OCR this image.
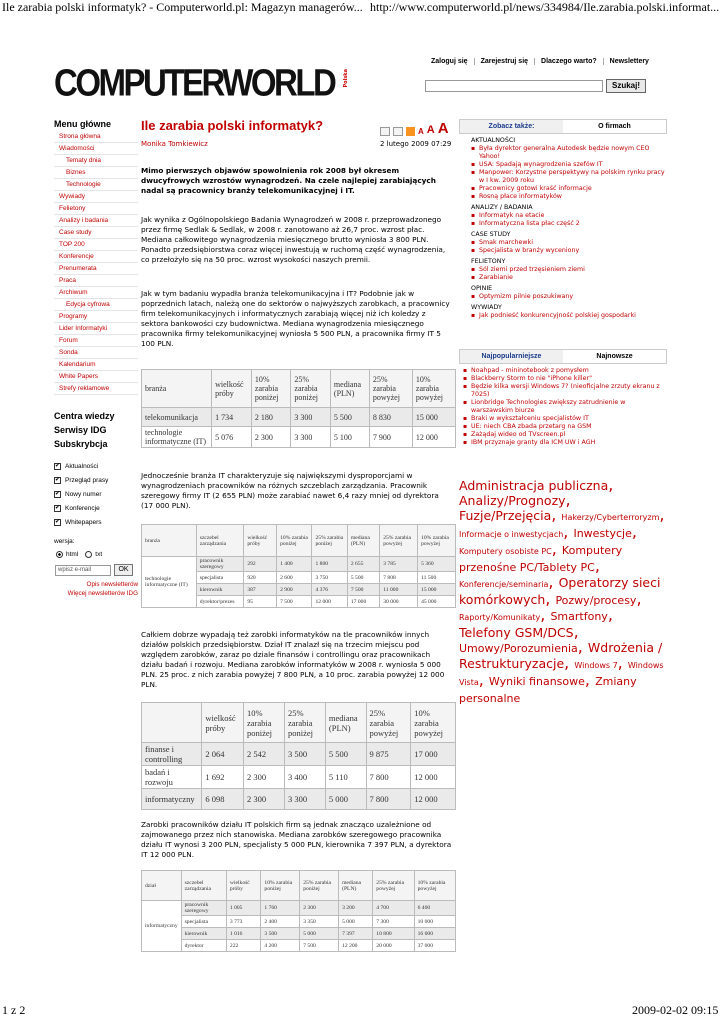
Ile zarabia polski informatyk? - Computerworld.pl: Magazyn managerów... http://www.computerworld.pl/news/334984/Ile.zarabia.polski.informat...
Zaloguj się	Zarejestruj się	Dlaczego warto?	Newslettery
COMPUTERWORLD	Polska	Szukaj!
Menu główne
Strona główna
Wiadomości
Tematy dnia
Biznes
Technologie
Wywiady
Felietony
Analizy i badania
Case study
TOP 200
Konferencje
Prenumerata
Praca
Archiwum
Edycja cyfrowa
Programy
Lider Informatyki
Forum
Sonda
Kalendarium
White Papers
Strefy reklamowe
Centra wiedzy
Serwisy IDG
Subskrybcja
✔
Aktualności
✔
Przegląd prasy
✔
Nowy numer
✔
Konferencje
✔
Whitepapers
wersja:
html	txt
wpisz e-mail	OK
Opis newsletterów
Więcej newsletterów IDG
Ile zarabia polski informatyk?	A A A
Monika Tomkiewicz	2 lutego 2009 07:29
Mimo pierwszych objawów spowolnienia rok 2008 był okresem dwucyfrowych wzrostów wynagrodzeń. Na czele najlepiej zarabiających nadal są pracownicy branży telekomunikacyjnej i IT.
Jak wynika z Ogólnopolskiego Badania Wynagrodzeń w 2008 r. przeprowadzonego przez firmę Sedlak & Sedlak, w 2008 r. zanotowano aż 26,7 proc. wzrost płac. Mediana całkowitego wynagrodzenia miesięcznego brutto wyniosła 3 800 PLN. Ponadto przedsiębiorstwa coraz więcej inwestują w ruchomą część wynagrodzenia, co przełożyło się na 50 proc. wzrost wysokości naszych premii.
Jak w tym badaniu wypadła branża telekomunikacyjna i IT? Podobnie jak w poprzednich latach, należą one do sektorów o najwyższych zarobkach, a pracownicy firm telekomunikacyjnych i informatycznych zarabiają więcej niż ich koledzy z sektora bankowości czy budownictwa. Mediana wynagrodzenia miesięcznego pracownika firmy telekomunikacyjnej wyniosła 5 500 PLN, a pracownika firmy IT 5 100 PLN.
branża	wielkość próby	10% zarabia poniżej	25% zarabia poniżej	mediana (PLN)	25% zarabia powyżej	10% zarabia powyżej
telekomunikacja	1 734	2 180	3 300	5 500	8 830	15 000
technologie informatyczne (IT)	5 076	2 300	3 300	5 100	7 900	12 000
Jednocześnie branża IT charakteryzuje się największymi dysproporcjami w wynagrodzeniach pracowników na różnych szczeblach zarządzania. Pracownik szeregowy firmy IT (2 655 PLN) może zarabiać nawet 6,4 razy mniej od dyrektora (17 000 PLN).
branża	szczebel zarządzania	wielkość próby	10% zarabia poniżej	25% zarabia poniżej	mediana (PLN)	25% zarabia powyżej	10% zarabia powyżej
technologie informatyczne (IT)	pracownik szeregowy	292	1 400	1 800	2 655	3 785	5 360
	specjalista	920	2 600	3 750	5 500	7 808	11 500
	kierownik	387	2 900	4 376	7 500	11 000	15 000
	dyrektor/prezes	95	7 500	12 000	17 000	30 000	45 000
Całkiem dobrze wypadają też zarobki informatyków na tle pracowników innych działów polskich przedsiębiorstw. Dział IT znalazł się na trzecim miejscu pod względem zarobków, zaraz po dziale finansów i controllingu oraz pracownikach działu badań i rozwoju. Mediana zarobków informatyków w 2008 r. wyniosła 5 000 PLN. 25 proc. z nich zarabia powyżej 7 800 PLN, a 10 proc. zarabia powyżej 12 000 PLN.
	wielkość próby	10% zarabia poniżej	25% zarabia poniżej	mediana (PLN)	25% zarabia powyżej	10% zarabia powyżej
finanse i controlling	2 064	2 542	3 500	5 500	9 875	17 000
badań i rozwoju	1 692	2 300	3 400	5 110	7 800	12 000
informatyczny	6 098	2 300	3 300	5 000	7 800	12 000
Zarobki pracowników działu IT polskich firm są jednak znacząco uzależnione od zajmowanego przez nich stanowiska. Mediana zarobków szeregowego pracownika działu IT wynosi 3 200 PLN, specjalisty 5 000 PLN, kierownika 7 397 PLN, a dyrektora IT 12 000 PLN.
dział	szczebel zarządzania	wielkość próby	10% zarabia poniżej	25% zarabia poniżej	mediana (PLN)	25% zarabia powyżej	10% zarabia powyżej
informatyczny	pracownik szeregowy	1 005	1 760	2 300	3 200	4 700	6 400
	specjalista	3 773	2 400	3 350	5 000	7 300	10 000
	kierownik	1 016	3 500	5 000	7 397	10 800	16 000
	dyrektor	222	4 200	7 500	12 200	20 000	37 000
Zobacz także:	O firmach
AKTUALNOŚCI
▪ Była dyrektor generalna Autodesk będzie nowym CEO Yahoo!
▪ USA: Spadają wynagrodzenia szefów IT
▪ Manpower: Korzystne perspektywy na polskim rynku pracy w I kw. 2009 roku
▪ Pracownicy gotowi kraść informacje
▪ Rosną płace informatyków
ANALIZY / BADANIA
▪ Informatyk na etacie
▪ Informatyczna lista płac część 2
CASE STUDY
▪ Smak marchewki
▪ Specjalista w branży wyceniony
FELIETONY
▪ Sól ziemi przed trzęsieniem ziemi
▪ Zarabianie
OPINIE
▪ Optymizm pilnie poszukiwany
WYWIADY
▪ Jak podnieść konkurencyjność polskiej gospodarki
Najpopularniejsze	Najnowsze
▪ Noahpad - mininotebook z pomysłem
▪ Blackberry Storm to nie "iPhone killer"
▪ Będzie kilka wersji Windows 7? (nieoficjalne zrzuty ekranu z 7025)
▪ Lionbridge Technologies zwiększy zatrudnienie w warszawskim biurze
▪ Braki w wykształceniu specjalistów IT
▪ UE: niech CBA zbada przetarg na GSM
▪ Zażądaj wideo od TVscreen.pl
▪ IBM przyznaje granty dla ICM UW i AGH
Administracja publiczna, Analizy/Prognozy, Fuzje/Przejęcia, Hakerzy/Cyberterroryzm, Informacje o inwestycjach, Inwestycje, Komputery osobiste PC, Komputery przenośne PC/Tablety PC, Konferencje/seminaria, Operatorzy sieci komórkowych, Pozwy/procesy, Raporty/Komunikaty, Smartfony, Telefony GSM/DCS, Umowy/Porozumienia, Wdrożenia / Restrukturyzacje, Windows 7, Windows Vista, Wyniki finansowe, Zmiany personalne
1 z 2	2009-02-02 09:15
